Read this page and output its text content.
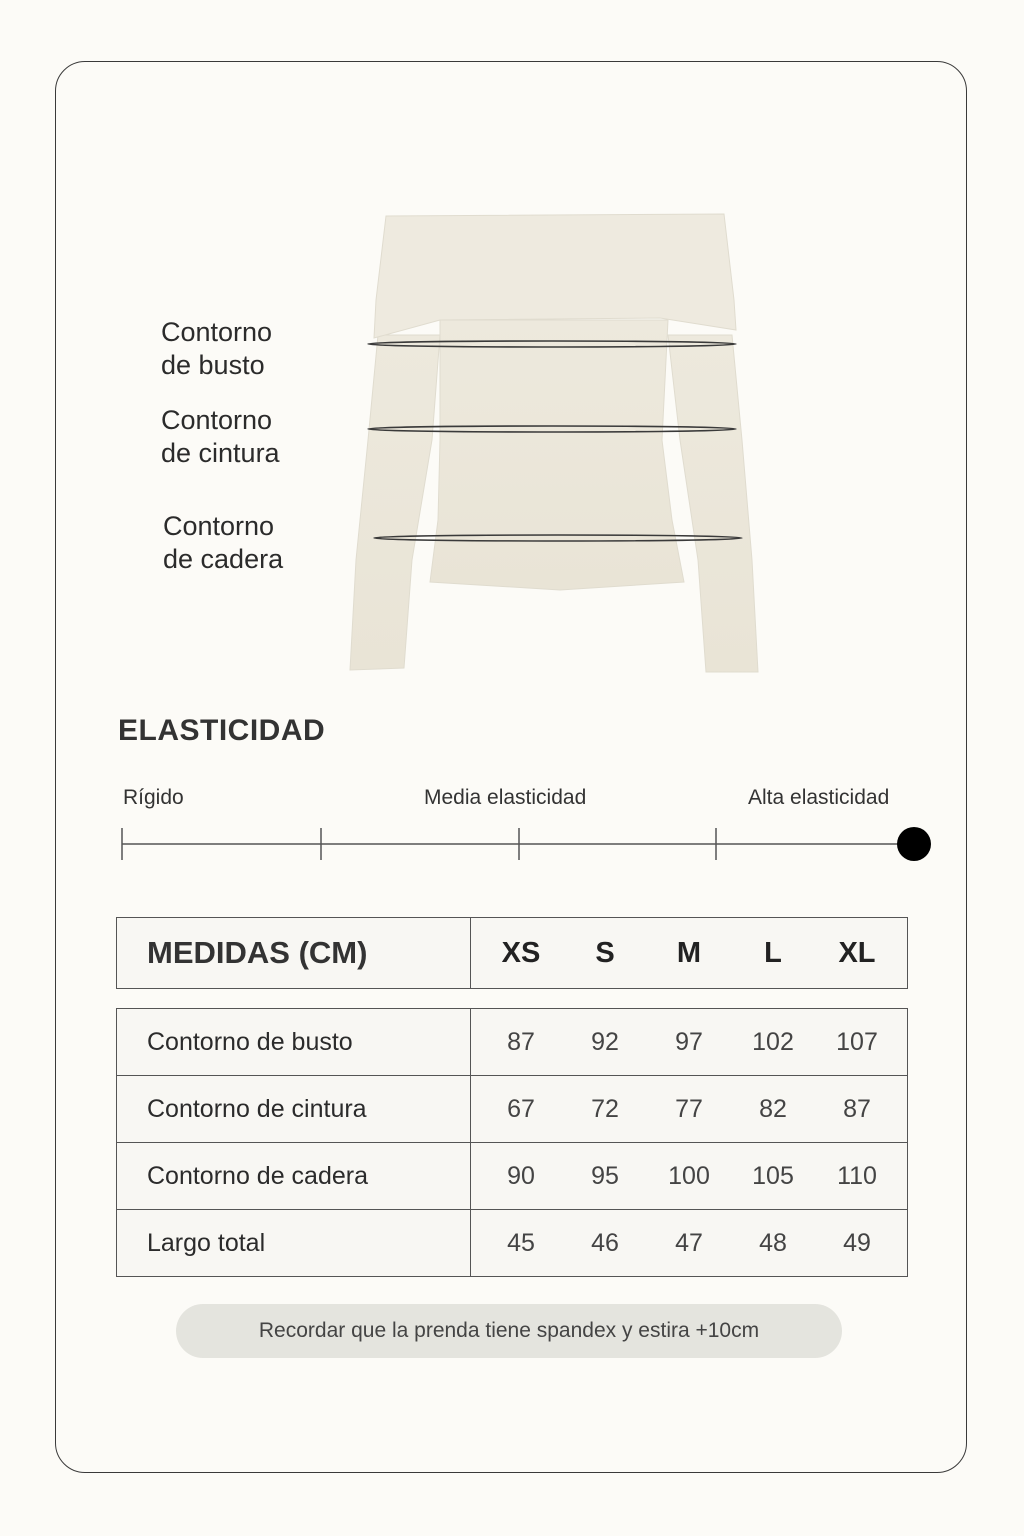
Contorno
de busto
Contorno
de cintura
Contorno
de cadera
ELASTICIDAD
Rígido	Media elasticidad	Alta elasticidad
MEDIDAS (CM)	XS	S	M	L	XL
Contorno de busto	87 92 97 102 107

Contorno de cintura	67 72 77 82 87

Contorno de cadera	90 95 100 105 110

Largo total	45 46 47 48 49
Recordar que la prenda tiene spandex y estira +10cm
